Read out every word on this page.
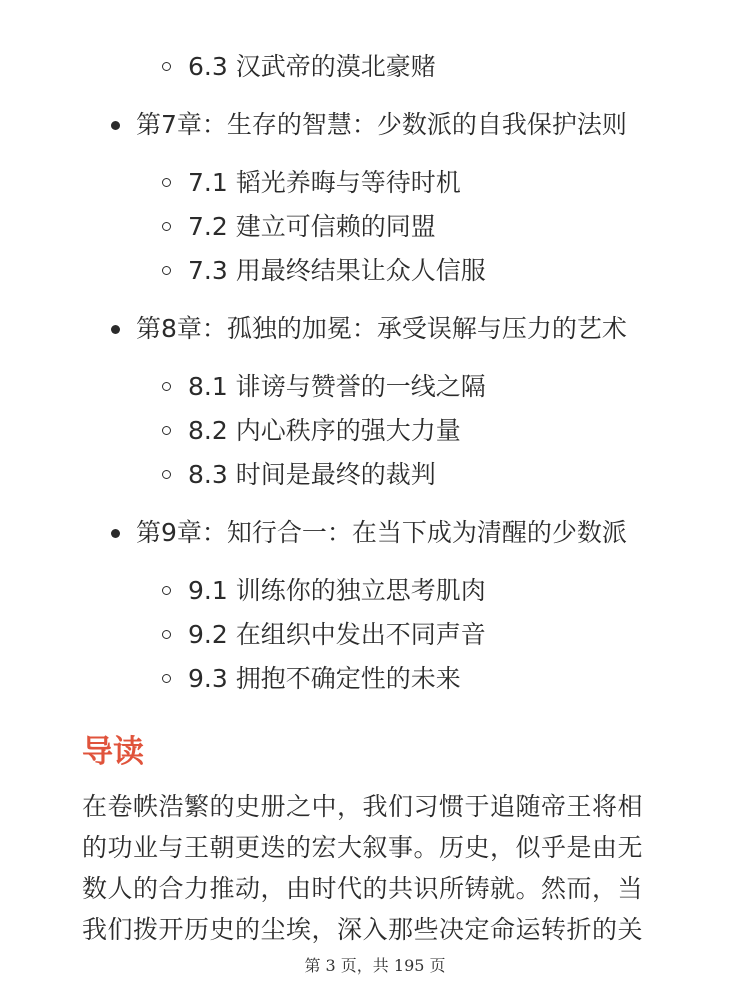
6.3 汉武帝的漠北豪赌
第7章：生存的智慧：少数派的自我保护法则
7.1 韬光养晦与等待时机
7.2 建立可信赖的同盟
7.3 用最终结果让众人信服
第8章：孤独的加冕：承受误解与压力的艺术
8.1 诽谤与赞誉的一线之隔
8.2 内心秩序的强大力量
8.3 时间是最终的裁判
第9章：知行合一：在当下成为清醒的少数派
9.1 训练你的独立思考肌肉
9.2 在组织中发出不同声音
9.3 拥抱不确定性的未来
导读
在卷帙浩繁的史册之中，我们习惯于追随帝王将相
的功业与王朝更迭的宏大叙事。历史，似乎是由无
数人的合力推动，由时代的共识所铸就。然而，当
我们拨开历史的尘埃，深入那些决定命运转折的关
第 3 页，共 195 页
